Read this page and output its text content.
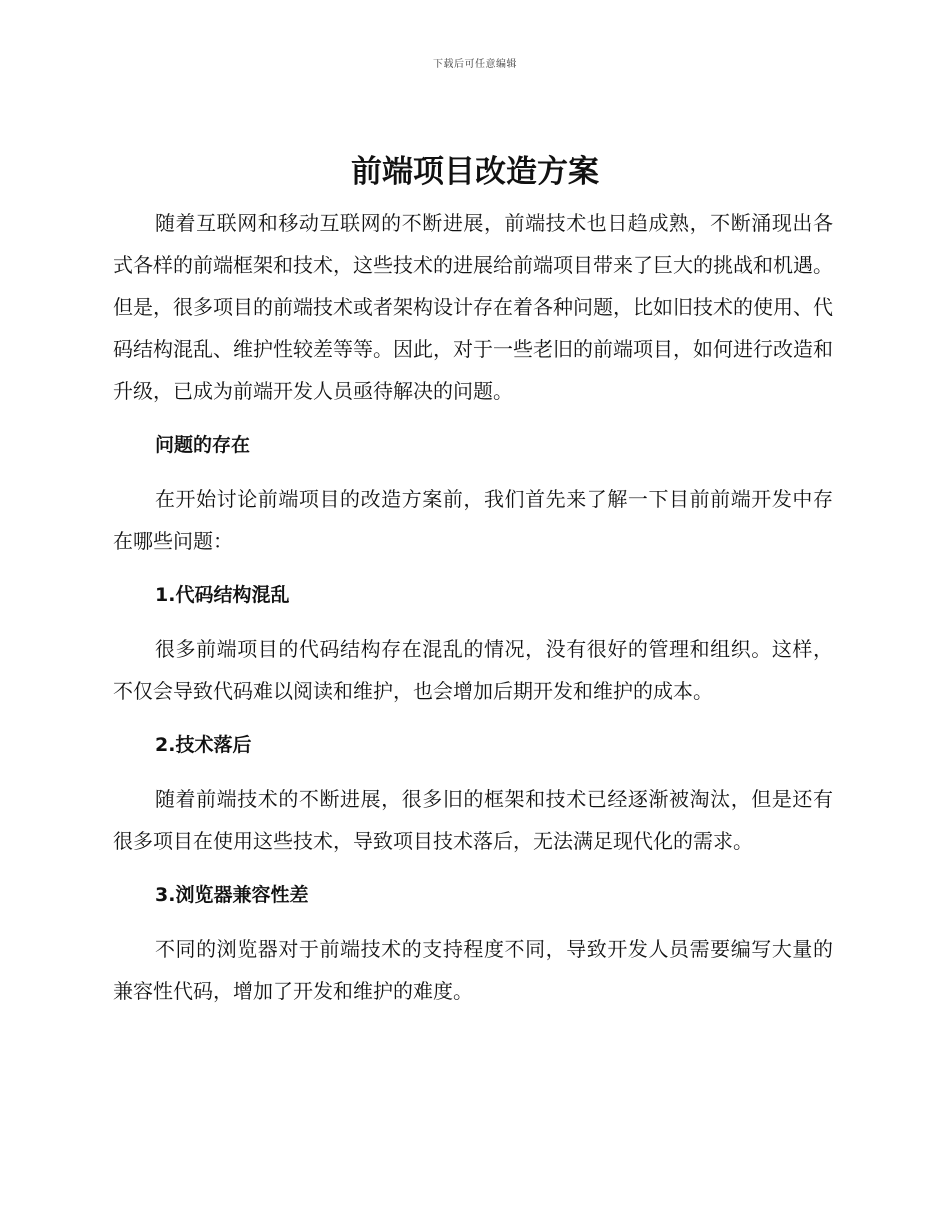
下载后可任意编辑
前端项目改造方案

随着互联网和移动互联网的不断进展，前端技术也日趋成熟，不断涌现出各式各样的前端框架和技术，这些技术的进展给前端项目带来了巨大的挑战和机遇。但是，很多项目的前端技术或者架构设计存在着各种问题，比如旧技术的使用、代码结构混乱、维护性较差等等。因此，对于一些老旧的前端项目，如何进行改造和升级，已成为前端开发人员亟待解决的问题。

问题的存在

在开始讨论前端项目的改造方案前，我们首先来了解一下目前前端开发中存在哪些问题：

1.代码结构混乱

很多前端项目的代码结构存在混乱的情况，没有很好的管理和组织。这样，不仅会导致代码难以阅读和维护，也会增加后期开发和维护的成本。

2.技术落后

随着前端技术的不断进展，很多旧的框架和技术已经逐渐被淘汰，但是还有很多项目在使用这些技术，导致项目技术落后，无法满足现代化的需求。

3.浏览器兼容性差

不同的浏览器对于前端技术的支持程度不同，导致开发人员需要编写大量的兼容性代码，增加了开发和维护的难度。
